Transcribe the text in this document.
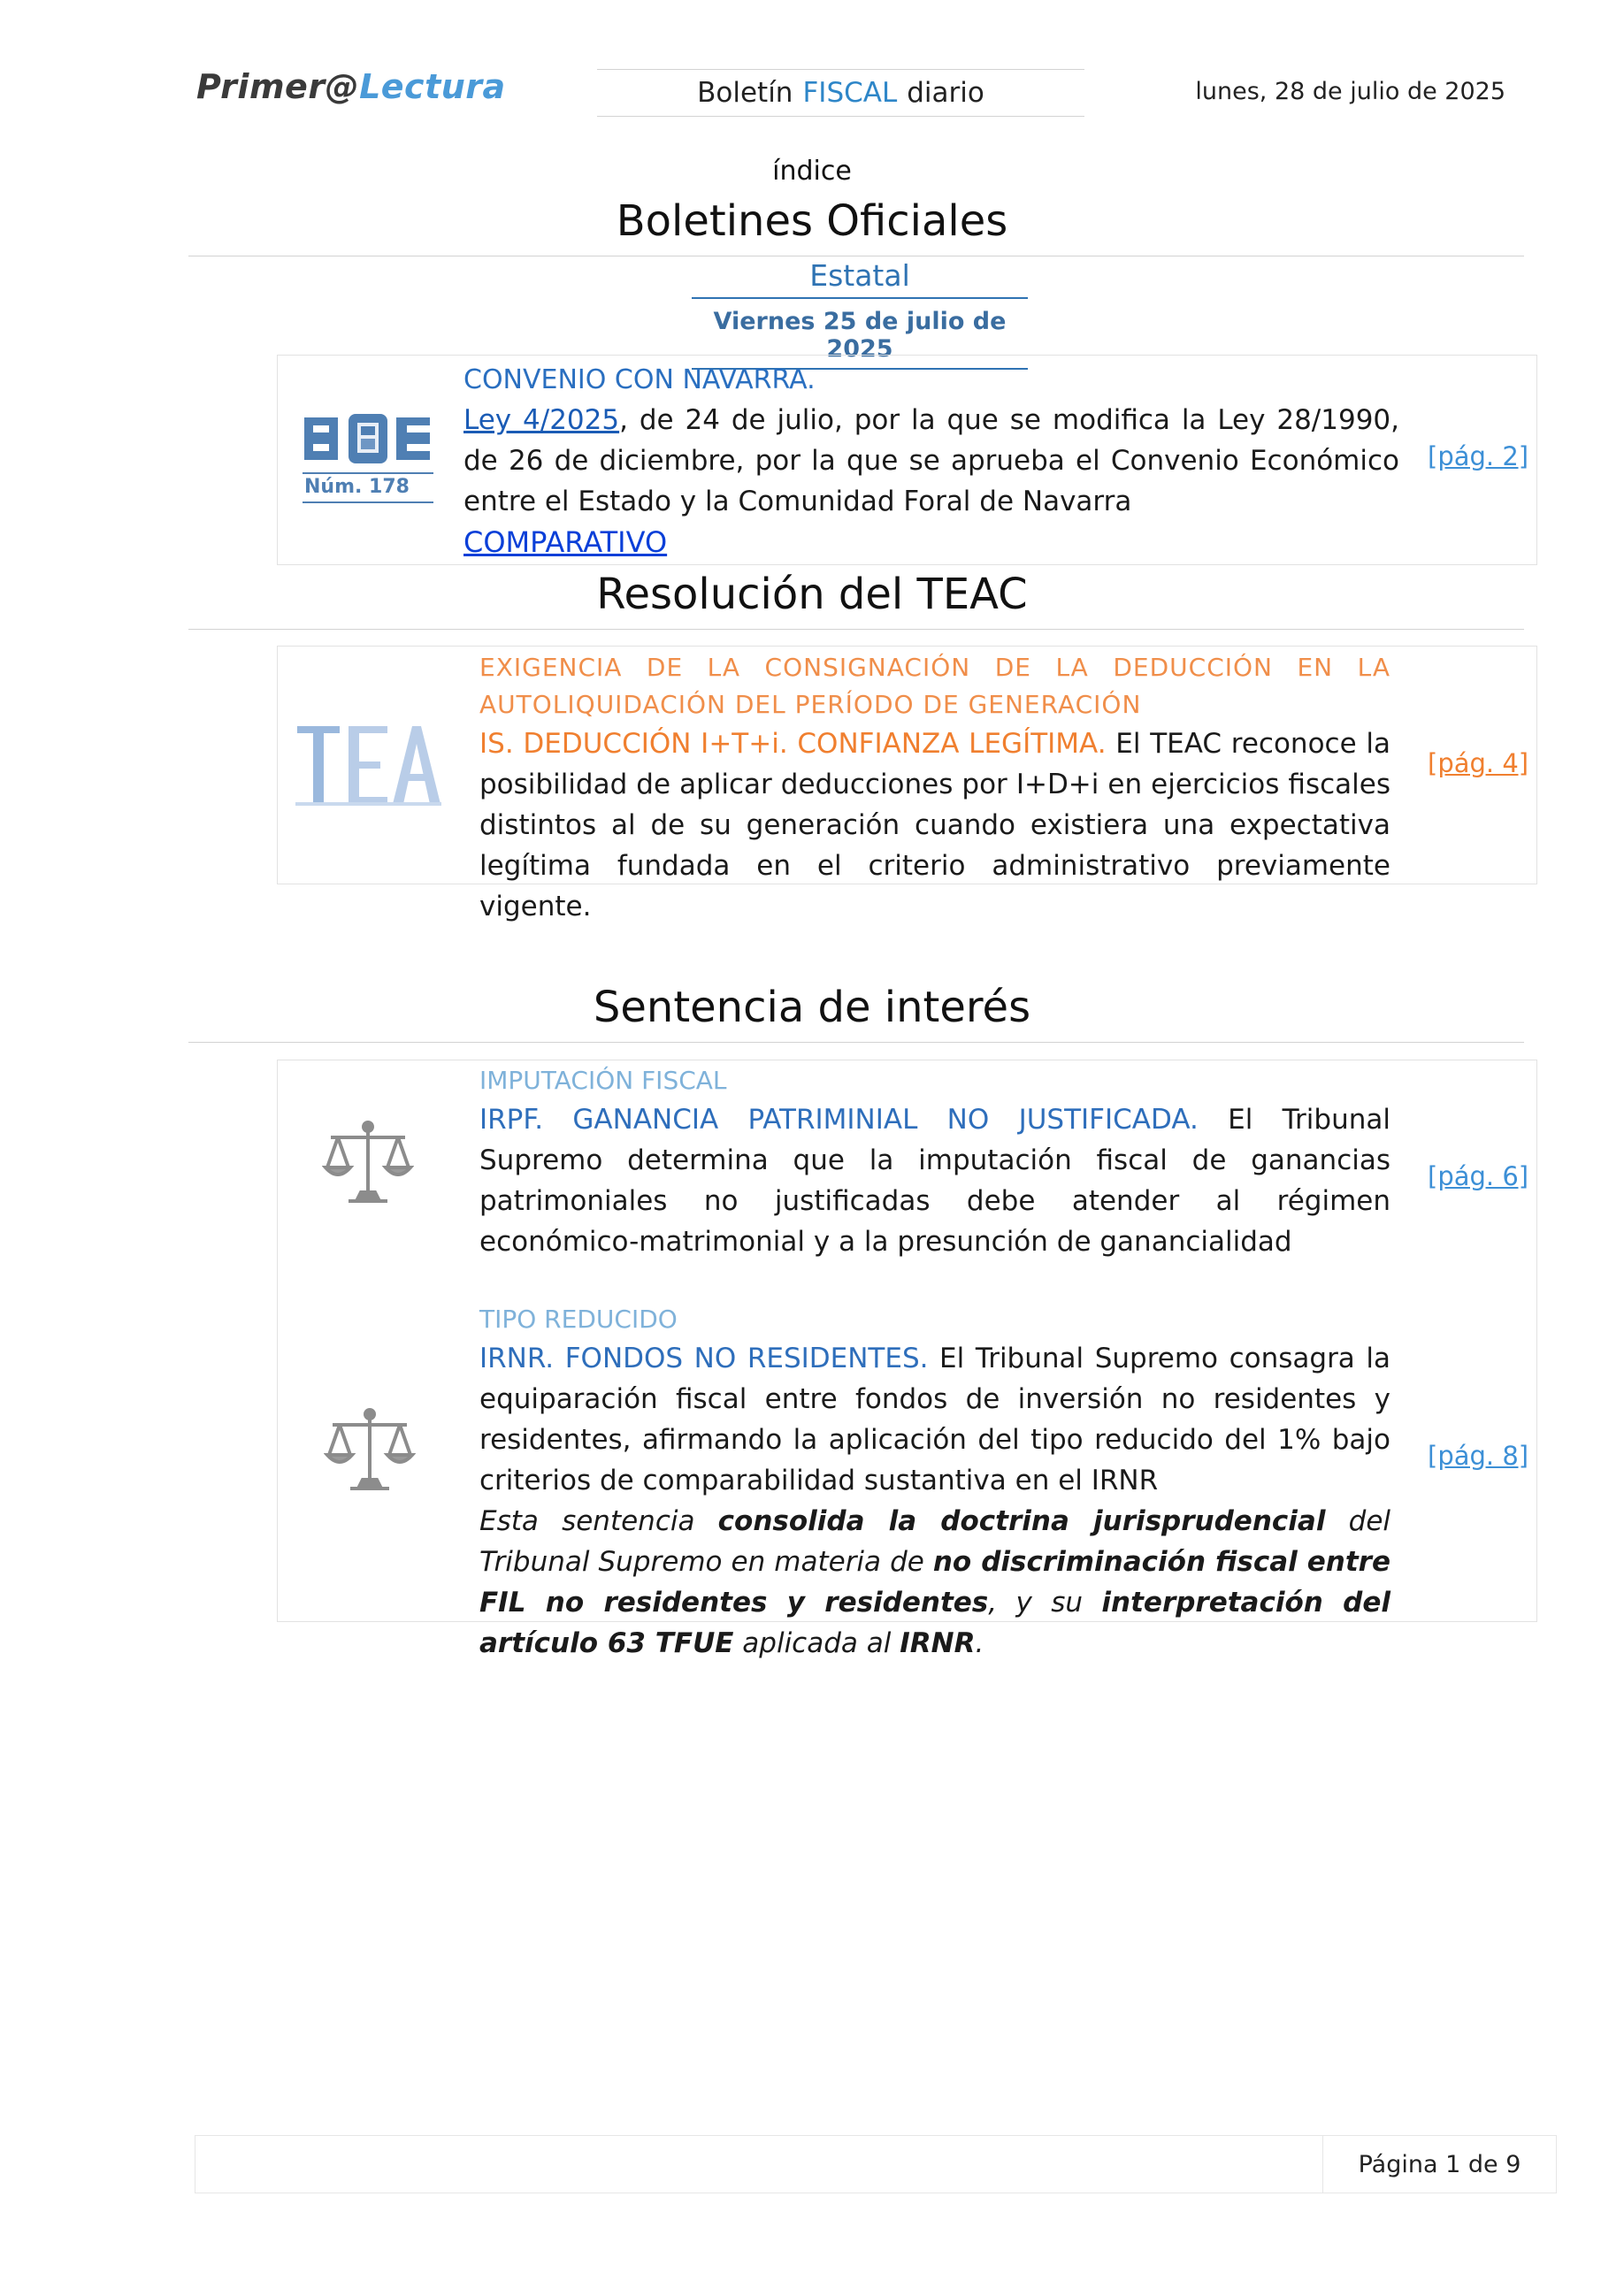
Primer@Lectura	Boletín FISCAL diario	lunes, 28 de julio de 2025
índice
Boletines Oficiales
Estatal
Viernes 25 de julio de 2025
Núm. 178
CONVENIO CON NAVARRA.
Ley 4/2025, de 24 de julio, por la que se modifica la Ley 28/1990, de 26 de diciembre, por la que se aprueba el Convenio Económico entre el Estado y la Comunidad Foral de Navarra
COMPARATIVO
[pág. 2]
Resolución del TEAC
EXIGENCIA DE LA CONSIGNACIÓN DE LA DEDUCCIÓN EN LA AUTOLIQUIDACIÓN DEL PERÍODO DE GENERACIÓN
IS. DEDUCCIÓN I+T+i. CONFIANZA LEGÍTIMA. El TEAC reconoce la posibilidad de aplicar deducciones por I+D+i en ejercicios fiscales distintos al de su generación cuando existiera una expectativa legítima fundada en el criterio administrativo previamente vigente.
[pág. 4]
Sentencia de interés
IMPUTACIÓN FISCAL
IRPF. GANANCIA PATRIMINIAL NO JUSTIFICADA. El Tribunal Supremo determina que la imputación fiscal de ganancias patrimoniales no justificadas debe atender al régimen económico-matrimonial y a la presunción de ganancialidad
[pág. 6]
TIPO REDUCIDO
IRNR. FONDOS NO RESIDENTES. El Tribunal Supremo consagra la equiparación fiscal entre fondos de inversión no residentes y residentes, afirmando la aplicación del tipo reducido del 1% bajo criterios de comparabilidad sustantiva en el IRNR
Esta sentencia consolida la doctrina jurisprudencial del Tribunal Supremo en materia de no discriminación fiscal entre FIL no residentes y residentes, y su interpretación del artículo 63 TFUE aplicada al IRNR.
[pág. 8]
Página 1 de 9
